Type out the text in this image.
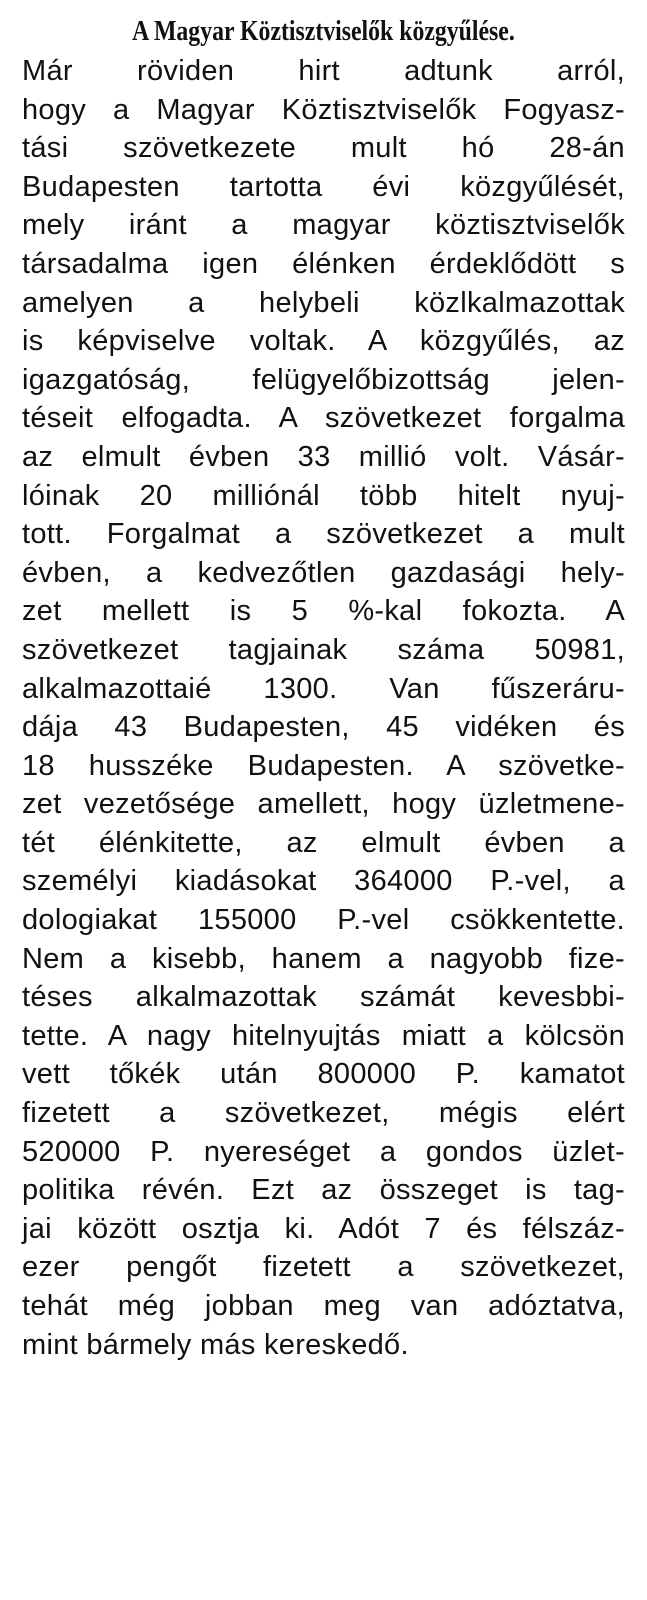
A Magyar Köztisztviselők közgyűlése.
Már röviden hirt adtunk arról,
hogy a Magyar Köztisztviselők Fogyasz-
tási szövetkezete mult hó 28-án
Budapesten tartotta évi közgyűlését,
mely iránt a magyar köztisztviselők
társadalma igen élénken érdeklődött s
amelyen a helybeli közlkalmazottak
is képviselve voltak. A közgyűlés, az
igazgatóság, felügyelőbizottság jelen-
téseit elfogadta. A szövetkezet forgalma
az elmult évben 33 millió volt. Vásár-
lóinak 20 milliónál több hitelt nyuj-
tott. Forgalmat a szövetkezet a mult
évben, a kedvezőtlen gazdasági hely-
zet mellett is 5 %-kal fokozta. A
szövetkezet tagjainak száma 50981,
alkalmazottaié 1300. Van fűszeráru-
dája 43 Budapesten, 45 vidéken és
18 husszéke Budapesten. A szövetke-
zet vezetősége amellett, hogy üzletmene-
tét élénkitette, az elmult évben a
személyi kiadásokat 364000 P.-vel, a
dologiakat 155000 P.-vel csökkentette.
Nem a kisebb, hanem a nagyobb fize-
téses alkalmazottak számát kevesbbi-
tette. A nagy hitelnyujtás miatt a kölcsön
vett tőkék után 800000 P. kamatot
fizetett a szövetkezet, mégis elért
520000 P. nyereséget a gondos üzlet-
politika révén. Ezt az összeget is tag-
jai között osztja ki. Adót 7 és félszáz-
ezer pengőt fizetett a szövetkezet,
tehát még jobban meg van adóztatva,
mint bármely más kereskedő.
